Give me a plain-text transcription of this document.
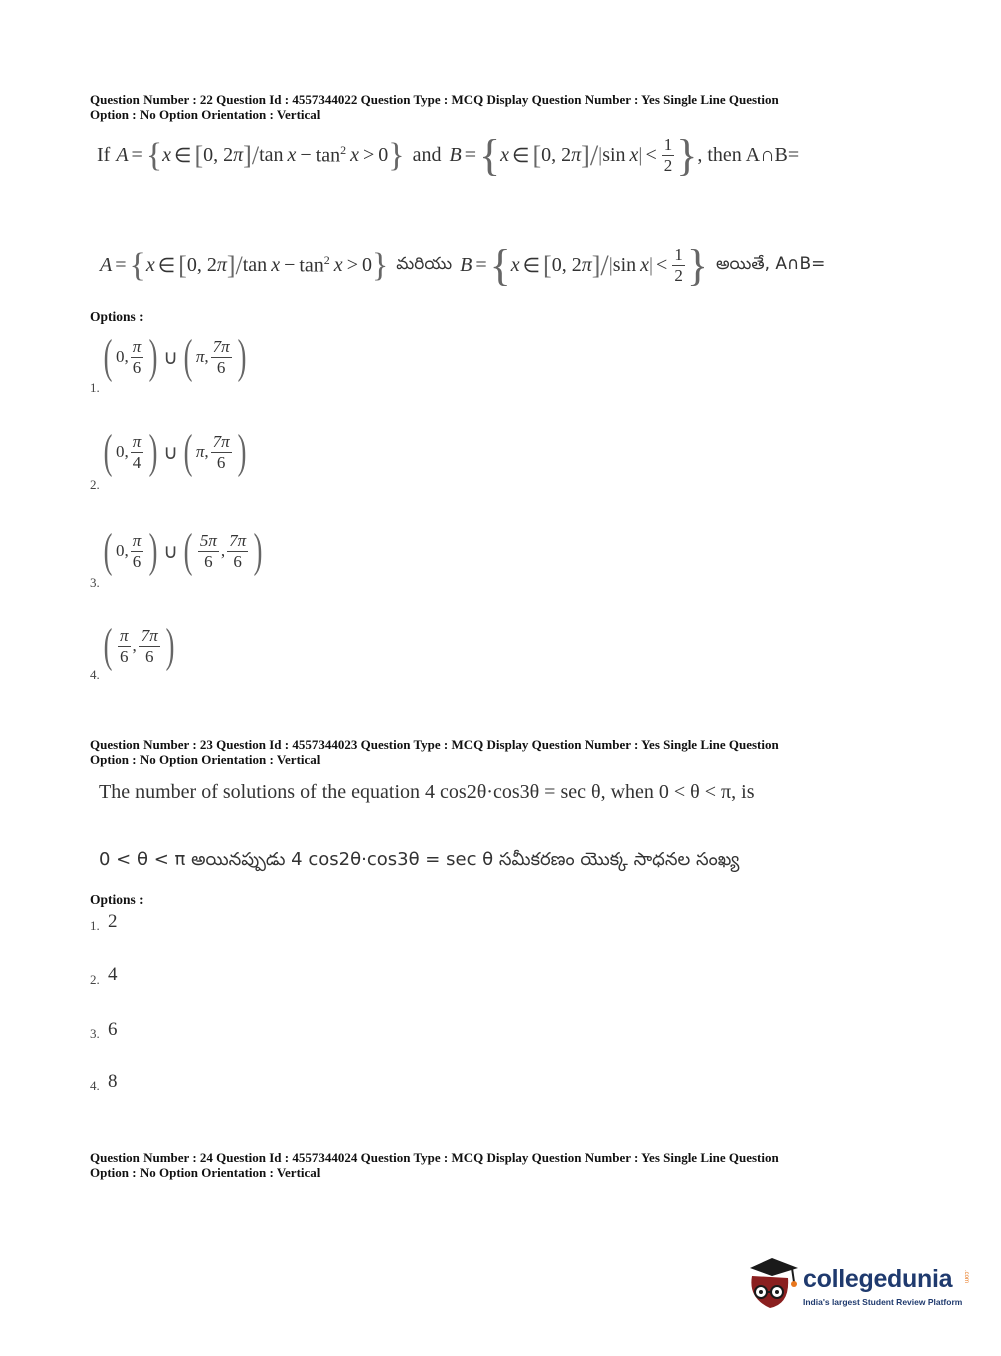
Question Number : 22 Question Id : 4557344022 Question Type : MCQ Display Question Number : Yes Single Line Question
Option : No Option Orientation : Vertical
If A = { x ∈ [ 0, 2 π ] / $\tan x - \tan^2 x > 0$ } and B = { x ∈ [ 0, 2 π ] / | sin x | < $\frac{1}{2}$ } , then A∩B=
A = { x ∈ [ 0, 2 π ] / $\tan x - \tan^2 x > 0$ } మరియు B = { x ∈ [ 0, 2 π ] / | sin x | < $\frac{1}{2}$ } అయితే, A∩B=
Options :
( 0, $\frac{\pi}{6}$ ) ∪ ( π , $\frac{7\pi}{6}$ )
1.
( 0, $\frac{\pi}{4}$ ) ∪ ( π , $\frac{7\pi}{6}$ )
2.
( 0, $\frac{\pi}{6}$ ) ∪ ( $\frac{5\pi}{6}$ , $\frac{7\pi}{6}$ )
3.
( $\frac{\pi}{6}$ , $\frac{7\pi}{6}$ )
4.
Question Number : 23 Question Id : 4557344023 Question Type : MCQ Display Question Number : Yes Single Line Question
Option : No Option Orientation : Vertical
The number of solutions of the equation 4 cos2θ·cos3θ = sec θ, when 0 < θ < π, is
0 < θ < π అయినప్పుడు 4 cos2θ·cos3θ = sec θ సమీకరణం యొక్క సాధనల సంఖ్య
Options :
1. 2
2. 4
3. 6
4. 8
Question Number : 24 Question Id : 4557344024 Question Type : MCQ Display Question Number : Yes Single Line Question
Option : No Option Orientation : Vertical
collegedunia .com
India's largest Student Review Platform
